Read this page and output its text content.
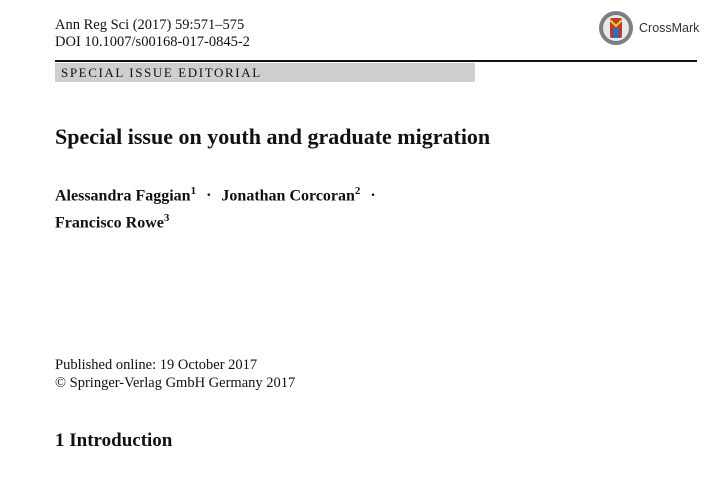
Ann Reg Sci (2017) 59:571–575
DOI 10.1007/s00168-017-0845-2
CrossMark
SPECIAL ISSUE EDITORIAL
Special issue on youth and graduate migration
Alessandra Faggian$^1$ · Jonathan Corcoran$^2$ ·
Francisco Rowe$^3$
Published online: 19 October 2017
© Springer-Verlag GmbH Germany 2017
1 Introduction
